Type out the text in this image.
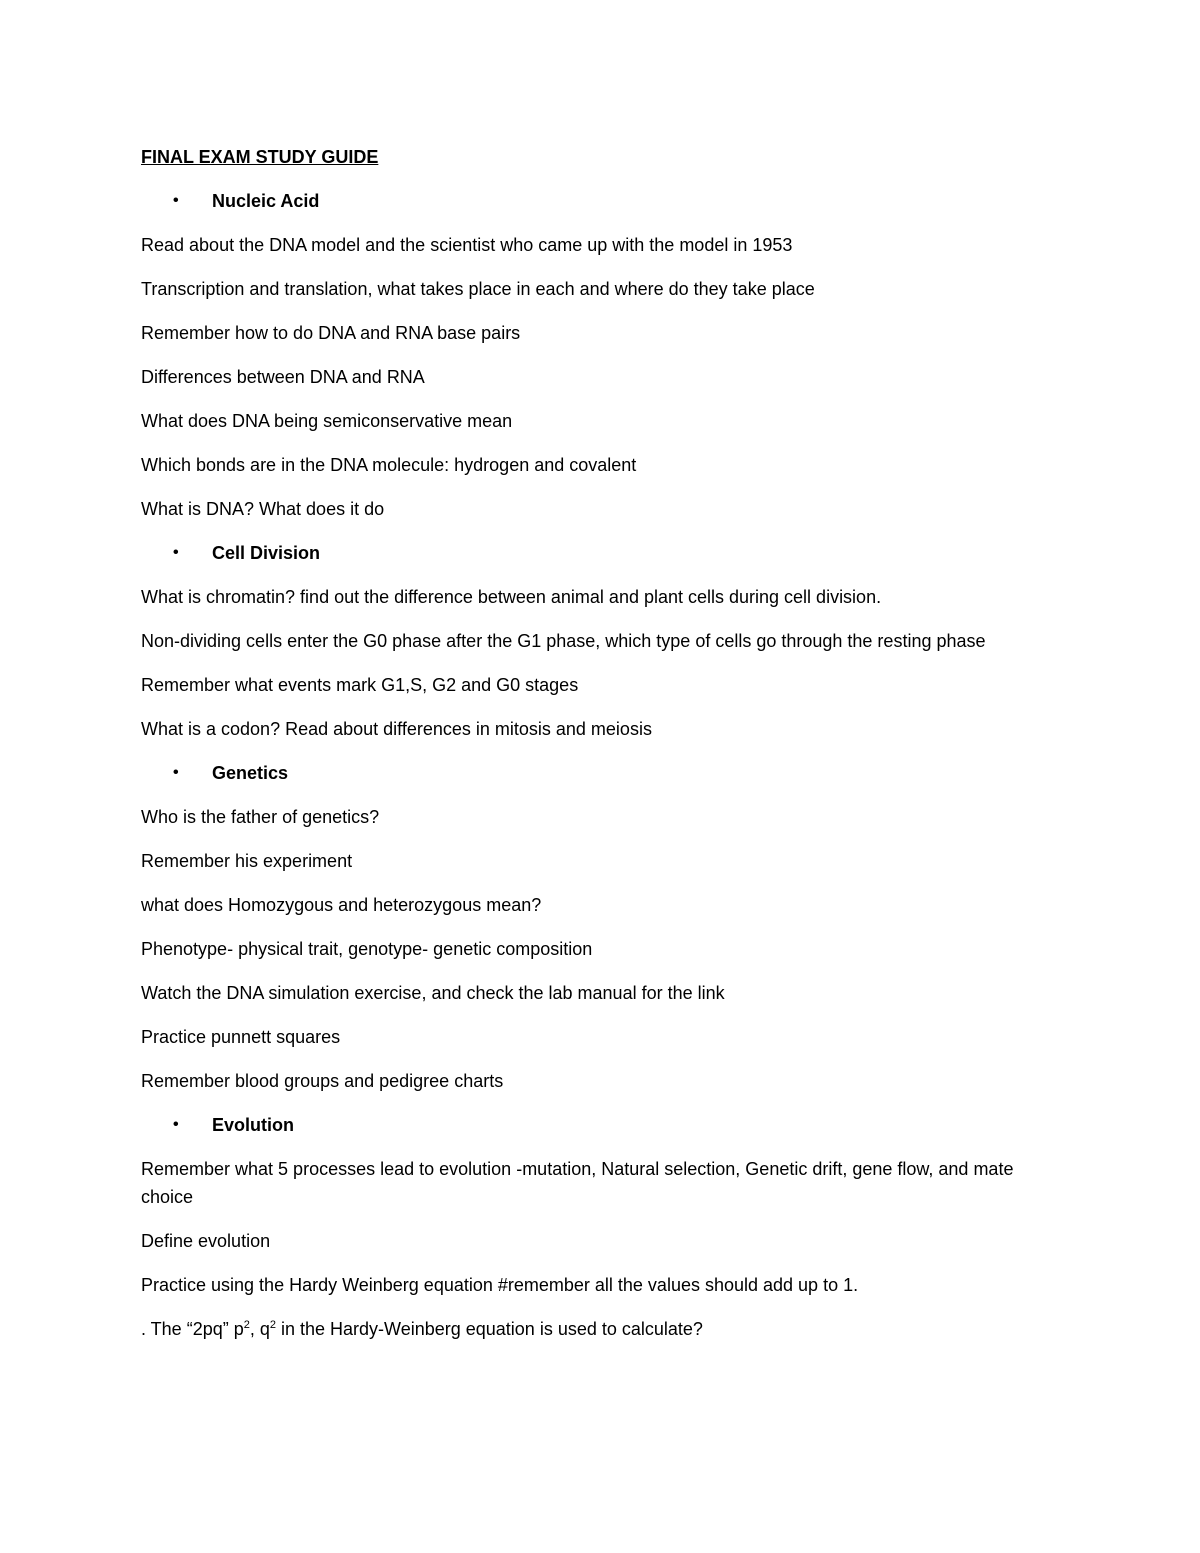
FINAL EXAM STUDY GUIDE
•	Nucleic Acid
Read about the DNA model and the scientist who came up with the model in 1953
Transcription and translation, what takes place in each and where do they take place
Remember how to do DNA and RNA base pairs
Differences between DNA and RNA
What does DNA being semiconservative mean
Which bonds are in the DNA molecule: hydrogen and covalent
What is DNA? What does it do
•	Cell Division
What is chromatin? find out the difference between animal and plant cells during cell division.
Non-dividing cells enter the G0 phase after the G1 phase, which type of cells go through the resting phase
Remember what events mark G1,S, G2 and G0 stages
What is a codon? Read about differences in mitosis and meiosis
•	Genetics
Who is the father of genetics?
Remember his experiment
what does Homozygous and heterozygous mean?
Phenotype- physical trait, genotype- genetic composition
Watch the DNA simulation exercise, and check the lab manual for the link
Practice punnett squares
Remember blood groups and pedigree charts
•	Evolution
Remember what 5 processes lead to evolution -mutation, Natural selection, Genetic drift, gene flow, and mate choice
Define evolution
Practice using the Hardy Weinberg equation #remember all the values should add up to 1.
. The “2pq” $p^2$, $q^2$ in the Hardy-Weinberg equation is used to calculate?
